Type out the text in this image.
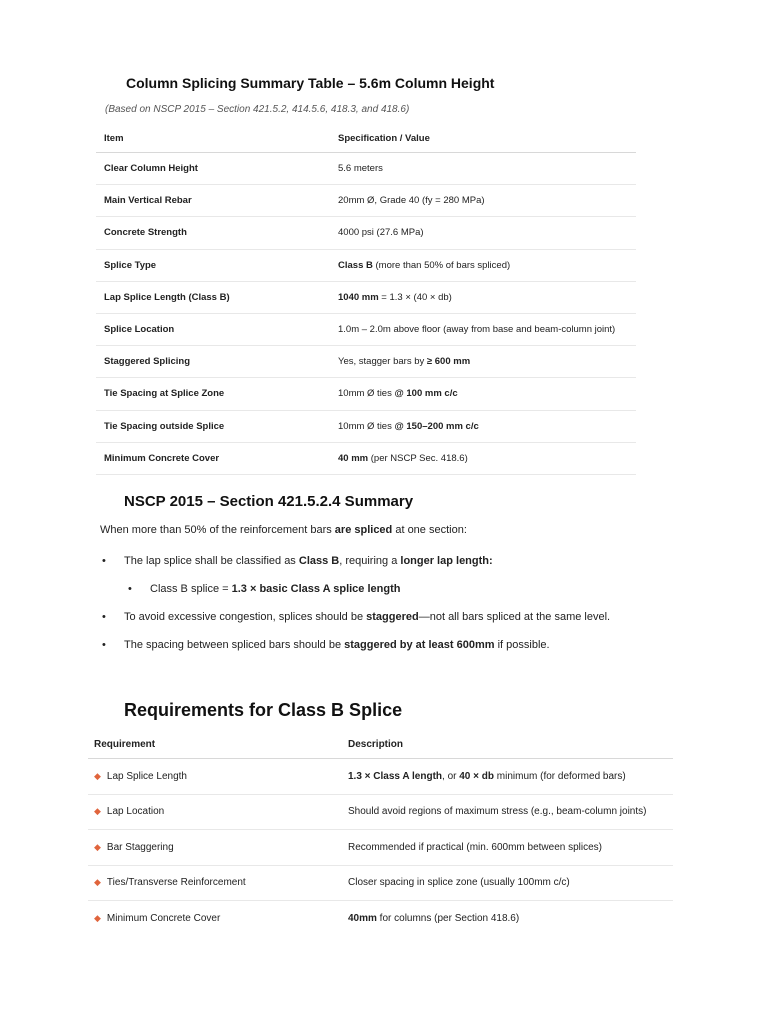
Column Splicing Summary Table – 5.6m Column Height
(Based on NSCP 2015 – Section 421.5.2, 414.5.6, 418.3, and 418.6)
Item	Specification / Value
Clear Column Height	5.6 meters
Main Vertical Rebar	20mm Ø, Grade 40 (fy = 280 MPa)
Concrete Strength	4000 psi (27.6 MPa)
Splice Type	Class B (more than 50% of bars spliced)
Lap Splice Length (Class B)	1040 mm = 1.3 × (40 × db)
Splice Location	1.0m – 2.0m above floor (away from base and beam-column joint)
Staggered Splicing	Yes, stagger bars by ≥ 600 mm
Tie Spacing at Splice Zone	10mm Ø ties @ 100 mm c/c
Tie Spacing outside Splice	10mm Ø ties @ 150–200 mm c/c
Minimum Concrete Cover	40 mm (per NSCP Sec. 418.6)
NSCP 2015 – Section 421.5.2.4 Summary
When more than 50% of the reinforcement bars are spliced at one section:
• The lap splice shall be classified as Class B, requiring a longer lap length:
• Class B splice = 1.3 × basic Class A splice length
• To avoid excessive congestion, splices should be staggered—not all bars spliced at the same level.
• The spacing between spliced bars should be staggered by at least 600mm if possible.
Requirements for Class B Splice
Requirement	Description
◆ Lap Splice Length	1.3 × Class A length, or 40 × db minimum (for deformed bars)
◆ Lap Location	Should avoid regions of maximum stress (e.g., beam-column joints)
◆ Bar Staggering	Recommended if practical (min. 600mm between splices)
◆ Ties/Transverse Reinforcement	Closer spacing in splice zone (usually 100mm c/c)
◆ Minimum Concrete Cover	40mm for columns (per Section 418.6)
